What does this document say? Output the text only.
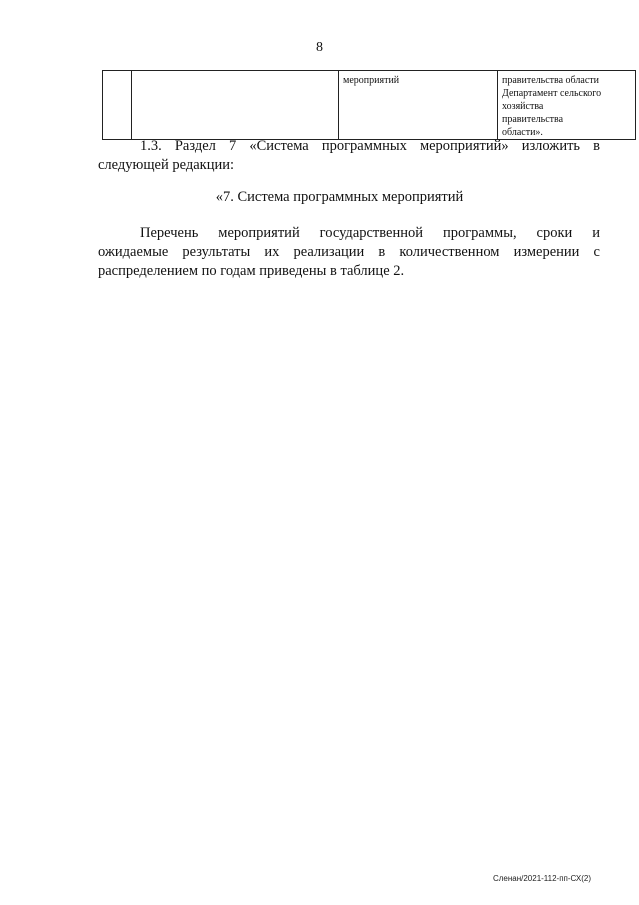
8

мероприятий	правительства области
Департамент сельского
хозяйства
правительства
области».
1.3. Раздел 7 «Система программных мероприятий» изложить в
следующей редакции:
«7. Система программных мероприятий
Перечень мероприятий государственной программы, сроки и
ожидаемые результаты их реализации в количественном измерении с
распределением по годам приведены в таблице 2.
Сленан/2021-112-пп-СХ(2)
